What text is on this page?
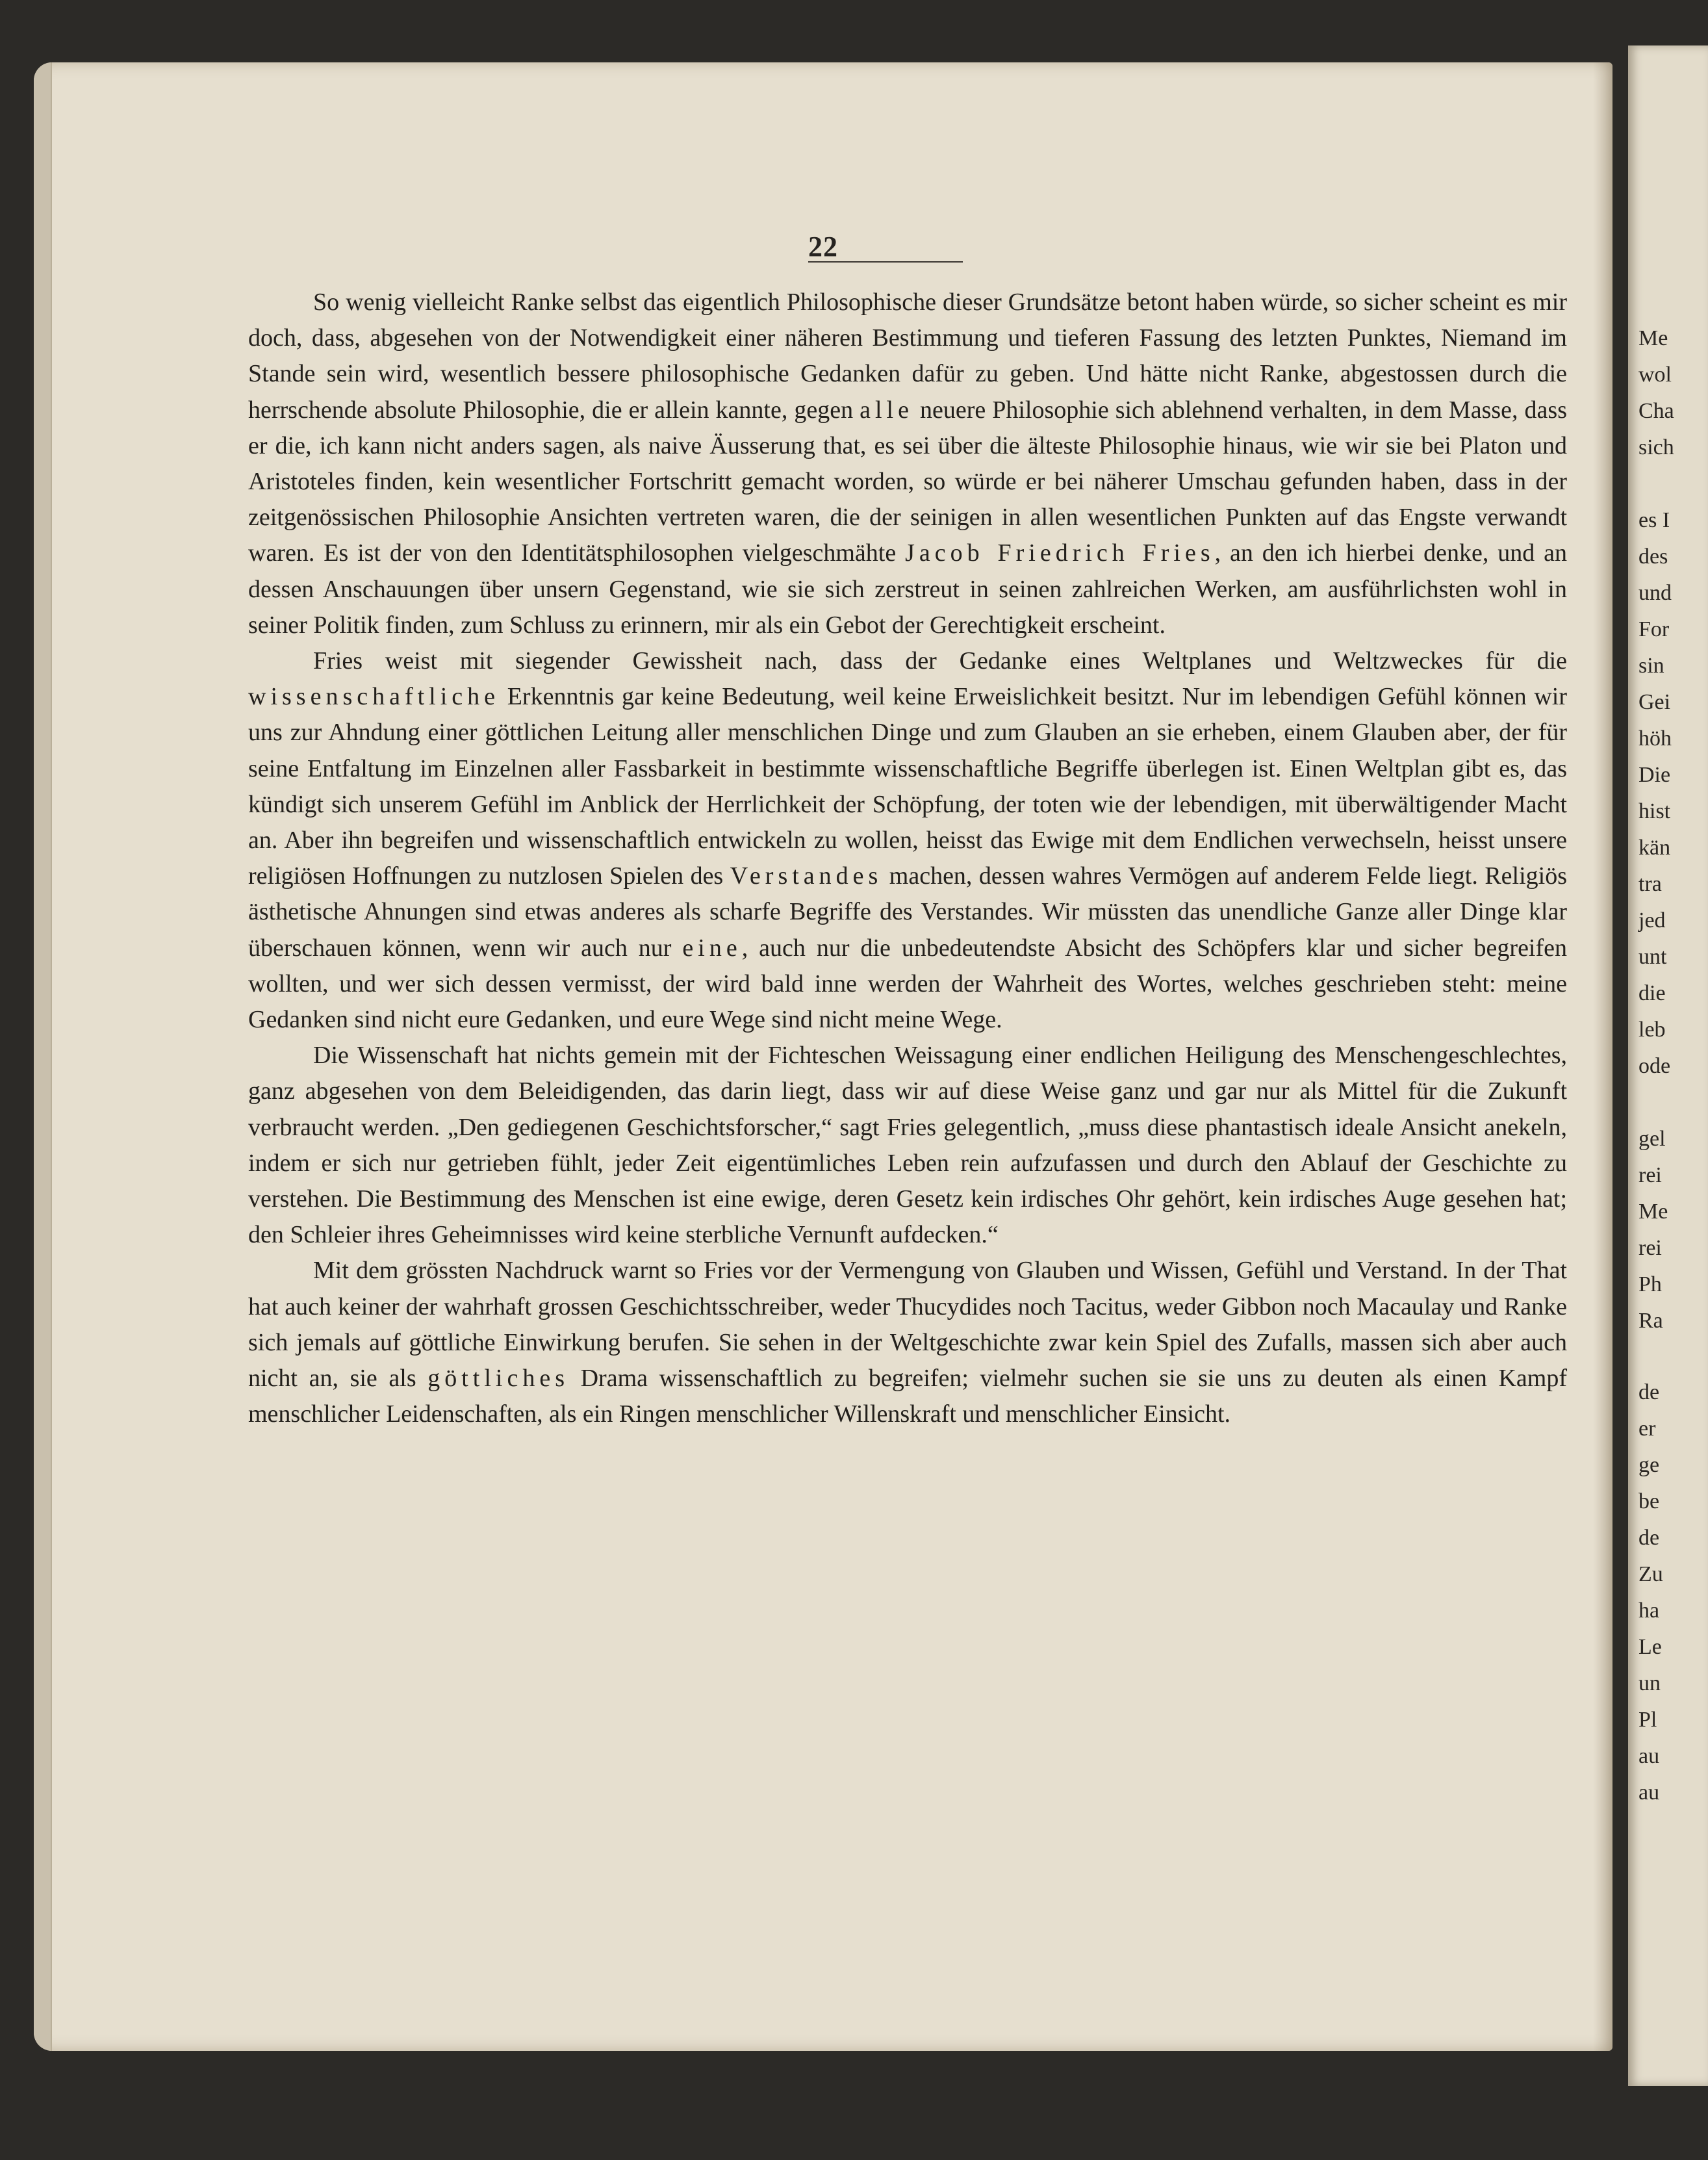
22

So wenig vielleicht Ranke selbst das eigentlich Philosophische dieser Grundsätze betont haben würde, so sicher scheint es mir doch, dass, abgesehen von der Notwendigkeit einer näheren Bestimmung und tieferen Fassung des letzten Punktes, Niemand im Stande sein wird, wesentlich bessere philosophische Gedanken dafür zu geben. Und hätte nicht Ranke, abgestossen durch die herrschende absolute Philosophie, die er allein kannte, gegen alle neuere Philosophie sich ablehnend verhalten, in dem Masse, dass er die, ich kann nicht anders sagen, als naive Äusserung that, es sei über die älteste Philosophie hinaus, wie wir sie bei Platon und Aristoteles finden, kein wesentlicher Fortschritt gemacht worden, so würde er bei näherer Umschau gefunden haben, dass in der zeitgenössischen Philosophie Ansichten vertreten waren, die der seinigen in allen wesentlichen Punkten auf das Engste verwandt waren. Es ist der von den Identitätsphilosophen vielgeschmähte Jacob Friedrich Fries, an den ich hierbei denke, und an dessen Anschauungen über unsern Gegenstand, wie sie sich zerstreut in seinen zahlreichen Werken, am ausführlichsten wohl in seiner Politik finden, zum Schluss zu erinnern, mir als ein Gebot der Gerechtigkeit erscheint.

Fries weist mit siegender Gewissheit nach, dass der Gedanke eines Weltplanes und Weltzweckes für die wissenschaftliche Erkenntnis gar keine Bedeutung, weil keine Erweislichkeit besitzt. Nur im lebendigen Gefühl können wir uns zur Ahndung einer göttlichen Leitung aller menschlichen Dinge und zum Glauben an sie erheben, einem Glauben aber, der für seine Entfaltung im Einzelnen aller Fassbarkeit in bestimmte wissenschaftliche Begriffe überlegen ist. Einen Weltplan gibt es, das kündigt sich unserem Gefühl im Anblick der Herrlichkeit der Schöpfung, der toten wie der lebendigen, mit überwältigender Macht an. Aber ihn begreifen und wissenschaftlich entwickeln zu wollen, heisst das Ewige mit dem Endlichen verwechseln, heisst unsere religiösen Hoffnungen zu nutzlosen Spielen des Verstandes machen, dessen wahres Vermögen auf anderem Felde liegt. Religiös ästhetische Ahnungen sind etwas anderes als scharfe Begriffe des Verstandes. Wir müssten das unendliche Ganze aller Dinge klar überschauen können, wenn wir auch nur eine, auch nur die unbedeutendste Absicht des Schöpfers klar und sicher begreifen wollten, und wer sich dessen vermisst, der wird bald inne werden der Wahrheit des Wortes, welches geschrieben steht: meine Gedanken sind nicht eure Gedanken, und eure Wege sind nicht meine Wege.

Die Wissenschaft hat nichts gemein mit der Fichteschen Weissagung einer endlichen Heiligung des Menschengeschlechtes, ganz abgesehen von dem Beleidigenden, das darin liegt, dass wir auf diese Weise ganz und gar nur als Mittel für die Zukunft verbraucht werden. „Den gediegenen Geschichtsforscher,“ sagt Fries gelegentlich, „muss diese phantastisch ideale Ansicht anekeln, indem er sich nur getrieben fühlt, jeder Zeit eigentümliches Leben rein aufzufassen und durch den Ablauf der Geschichte zu verstehen. Die Bestimmung des Menschen ist eine ewige, deren Gesetz kein irdisches Ohr gehört, kein irdisches Auge gesehen hat; den Schleier ihres Geheimnisses wird keine sterbliche Vernunft aufdecken.“

Mit dem grössten Nachdruck warnt so Fries vor der Vermengung von Glauben und Wissen, Gefühl und Verstand. In der That hat auch keiner der wahrhaft grossen Geschichtsschreiber, weder Thucydides noch Tacitus, weder Gibbon noch Macaulay und Ranke sich jemals auf göttliche Einwirkung berufen. Sie sehen in der Weltgeschichte zwar kein Spiel des Zufalls, massen sich aber auch nicht an, sie als göttliches Drama wissenschaftlich zu begreifen; vielmehr suchen sie sie uns zu deuten als einen Kampf menschlicher Leidenschaften, als ein Ringen menschlicher Willenskraft und menschlicher Einsicht.

Me

wol

Cha

sich

es I

des

und

For

sin

Gei

höh

Die

hist

kän

tra

jed

unt

die

leb

ode

gel

rei

Me

rei

Ph

Ra

de

er

ge

be

de

Zu

ha

Le

un

Pl

au

au
